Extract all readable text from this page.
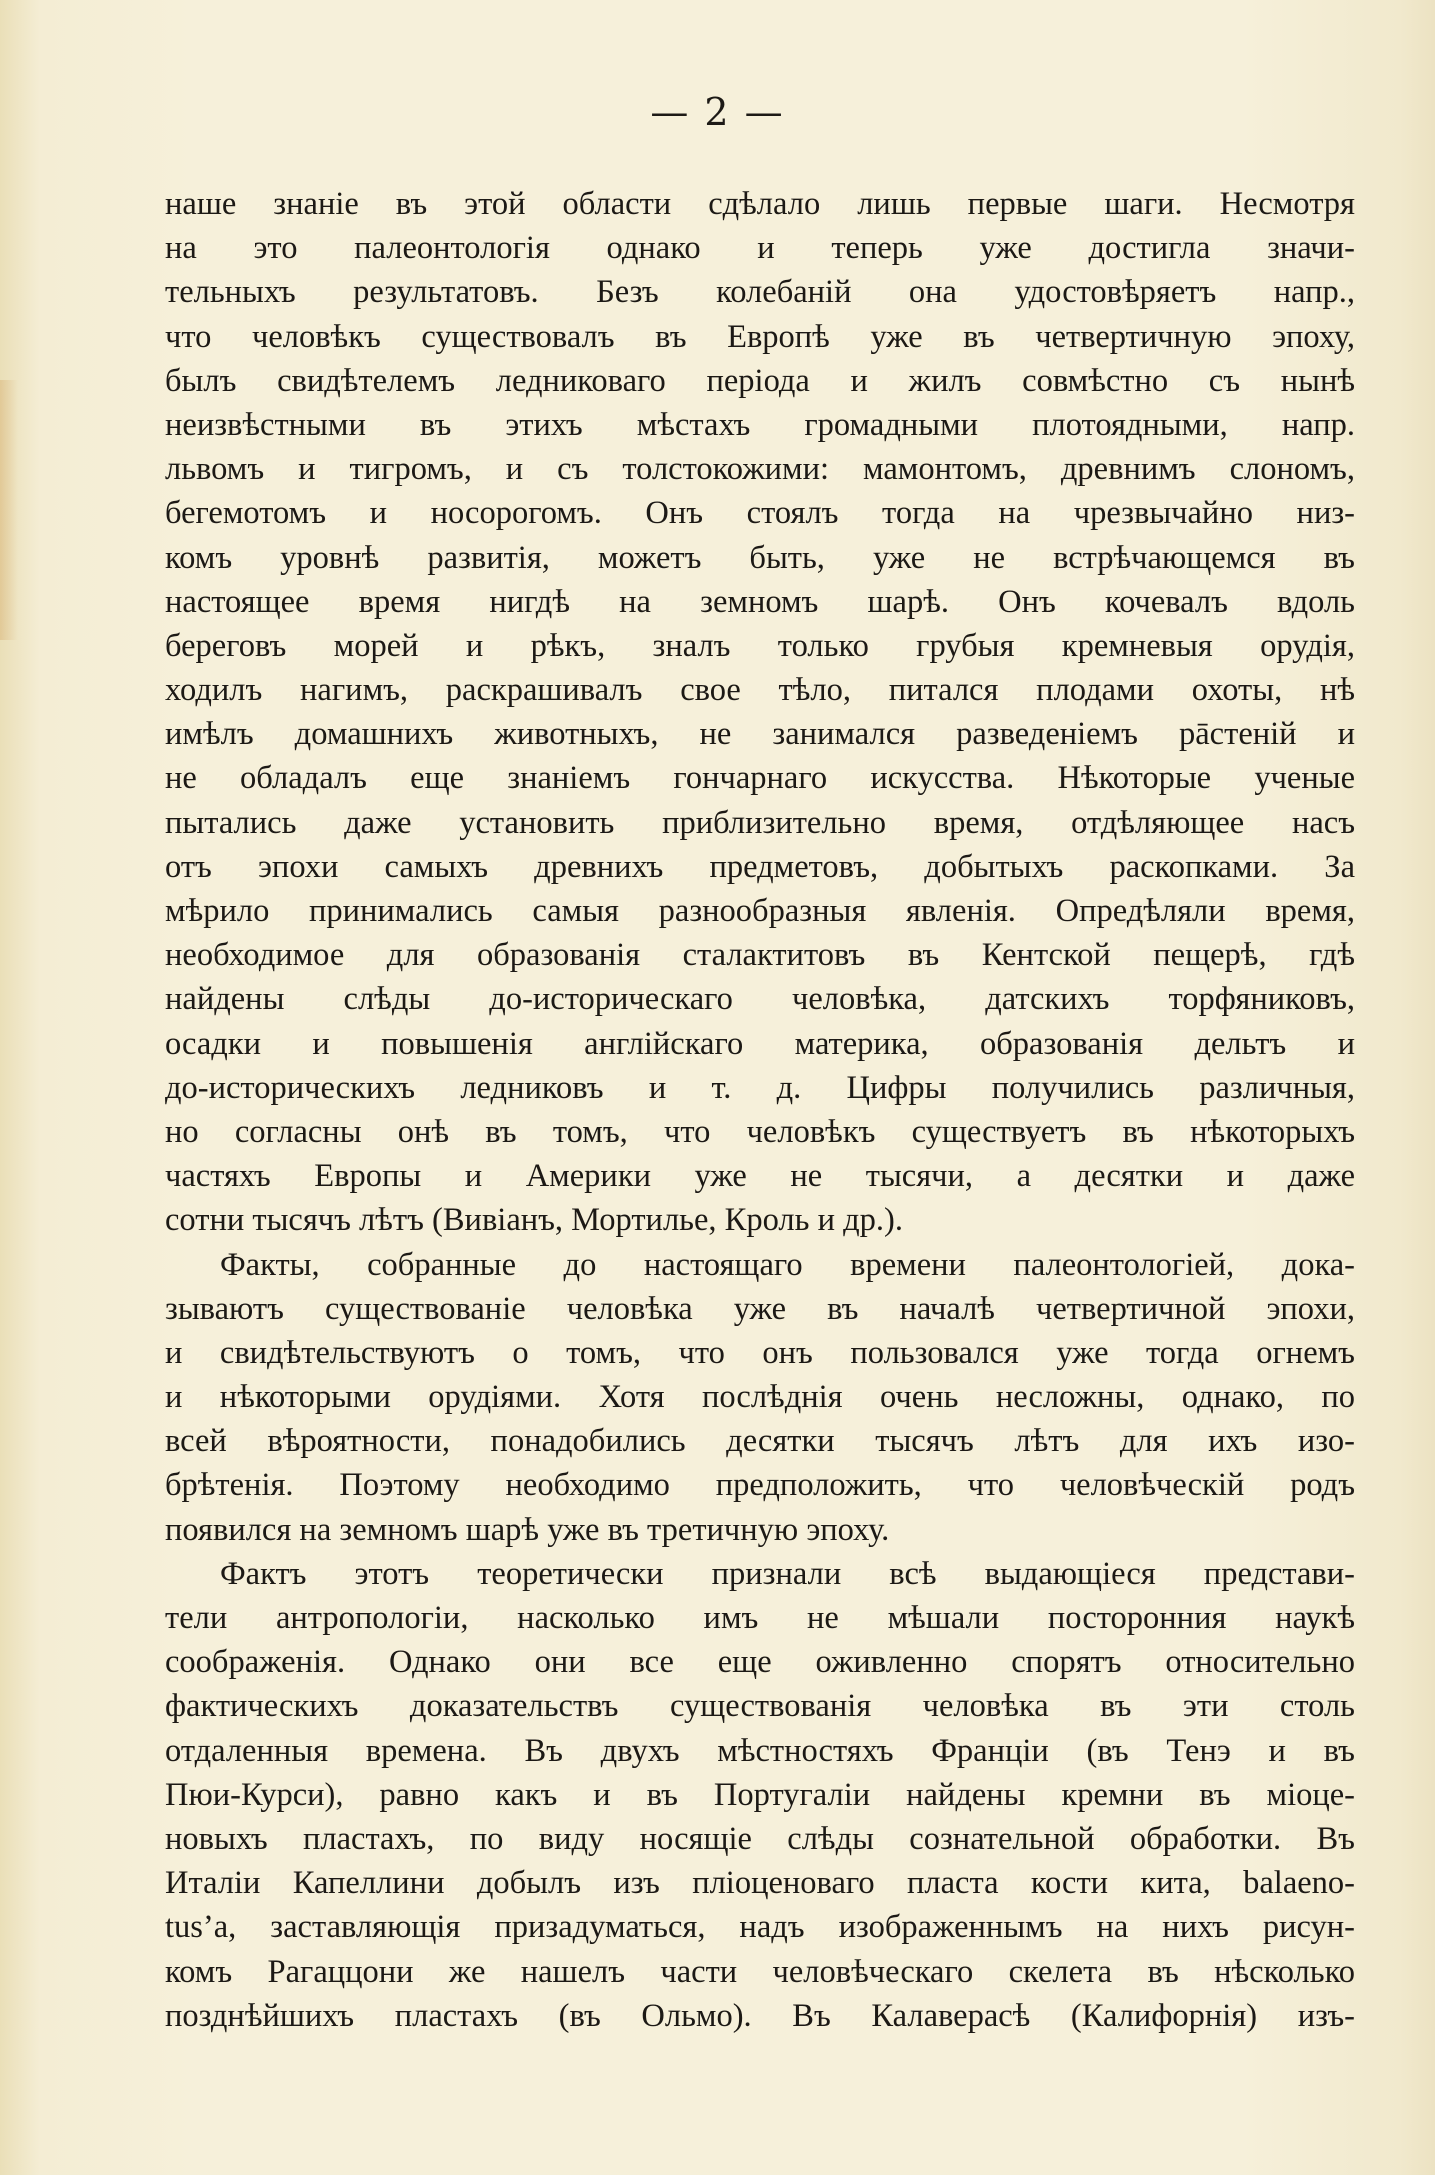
— 2 —
наше знаніе въ этой области сдѣлало лишь первые шаги. Несмотря
на это палеонтологія однако и теперь уже достигла значи-
тельныхъ результатовъ. Безъ колебаній она удостовѣряетъ напр.,
что человѣкъ существовалъ въ Европѣ уже въ четвертичную эпоху,
былъ свидѣтелемъ ледниковаго періода и жилъ совмѣстно съ нынѣ
неизвѣстными въ этихъ мѣстахъ громадными плотоядными, напр.
львомъ и тигромъ, и съ толстокожими: мамонтомъ, древнимъ слономъ,
бегемотомъ и носорогомъ. Онъ стоялъ тогда на чрезвычайно низ-
комъ уровнѣ развитія, можетъ быть, уже не встрѣчающемся въ
настоящее время нигдѣ на земномъ шарѣ. Онъ кочевалъ вдоль
береговъ морей и рѣкъ, зналъ только грубыя кремневыя орудія,
ходилъ нагимъ, раскрашивалъ свое тѣло, питался плодами охоты, нѣ
имѣлъ домашнихъ животныхъ, не занимался разведеніемъ рāстеній и
не обладалъ еще знаніемъ гончарнаго искусства. Нѣкоторые ученые
пытались даже установить приблизительно время, отдѣляющее насъ
отъ эпохи самыхъ древнихъ предметовъ, добытыхъ раскопками. За
мѣрило принимались самыя разнообразныя явленія. Опредѣляли время,
необходимое для образованія сталактитовъ въ Кентской пещерѣ, гдѣ
найдены слѣды до-историческаго человѣка, датскихъ торфяниковъ,
осадки и повышенія англійскаго материка, образованія дельтъ и
до-историческихъ ледниковъ и т. д. Цифры получились различныя,
но согласны онѣ въ томъ, что человѣкъ существуетъ въ нѣкоторыхъ
частяхъ Европы и Америки уже не тысячи, а десятки и даже
сотни тысячъ лѣтъ (Вивіанъ, Мортилье, Кроль и др.).
Факты, собранные до настоящаго времени палеонтологіей, дока-
зываютъ существованіе человѣка уже въ началѣ четвертичной эпохи,
и свидѣтельствуютъ о томъ, что онъ пользовался уже тогда огнемъ
и нѣкоторыми орудіями. Хотя послѣднія очень несложны, однако, по
всей вѣроятности, понадобились десятки тысячъ лѣтъ для ихъ изо-
брѣтенія. Поэтому необходимо предположить, что человѣческій родъ
появился на земномъ шарѣ уже въ третичную эпоху.
Фактъ этотъ теоретически признали всѣ выдающіеся представи-
тели антропологіи, насколько имъ не мѣшали посторонния наукѣ
соображенія. Однако они все еще оживленно спорятъ относительно
фактическихъ доказательствъ существованія человѣка въ эти столь
отдаленныя времена. Въ двухъ мѣстностяхъ Франціи (въ Тенэ и въ
Пюи-Курси), равно какъ и въ Португаліи найдены кремни въ міоце-
новыхъ пластахъ, по виду носящіе слѣды сознательной обработки. Въ
Италіи Капеллини добылъ изъ пліоценоваго пласта кости кита, balaeno-
tus’а, заставляющія призадуматься, надъ изображеннымъ на нихъ рисун-
комъ Рагаццони же нашелъ части человѣческаго скелета въ нѣсколько
позднѣйшихъ пластахъ (въ Ольмо). Въ Калаверасѣ (Калифорнія) изъ-
